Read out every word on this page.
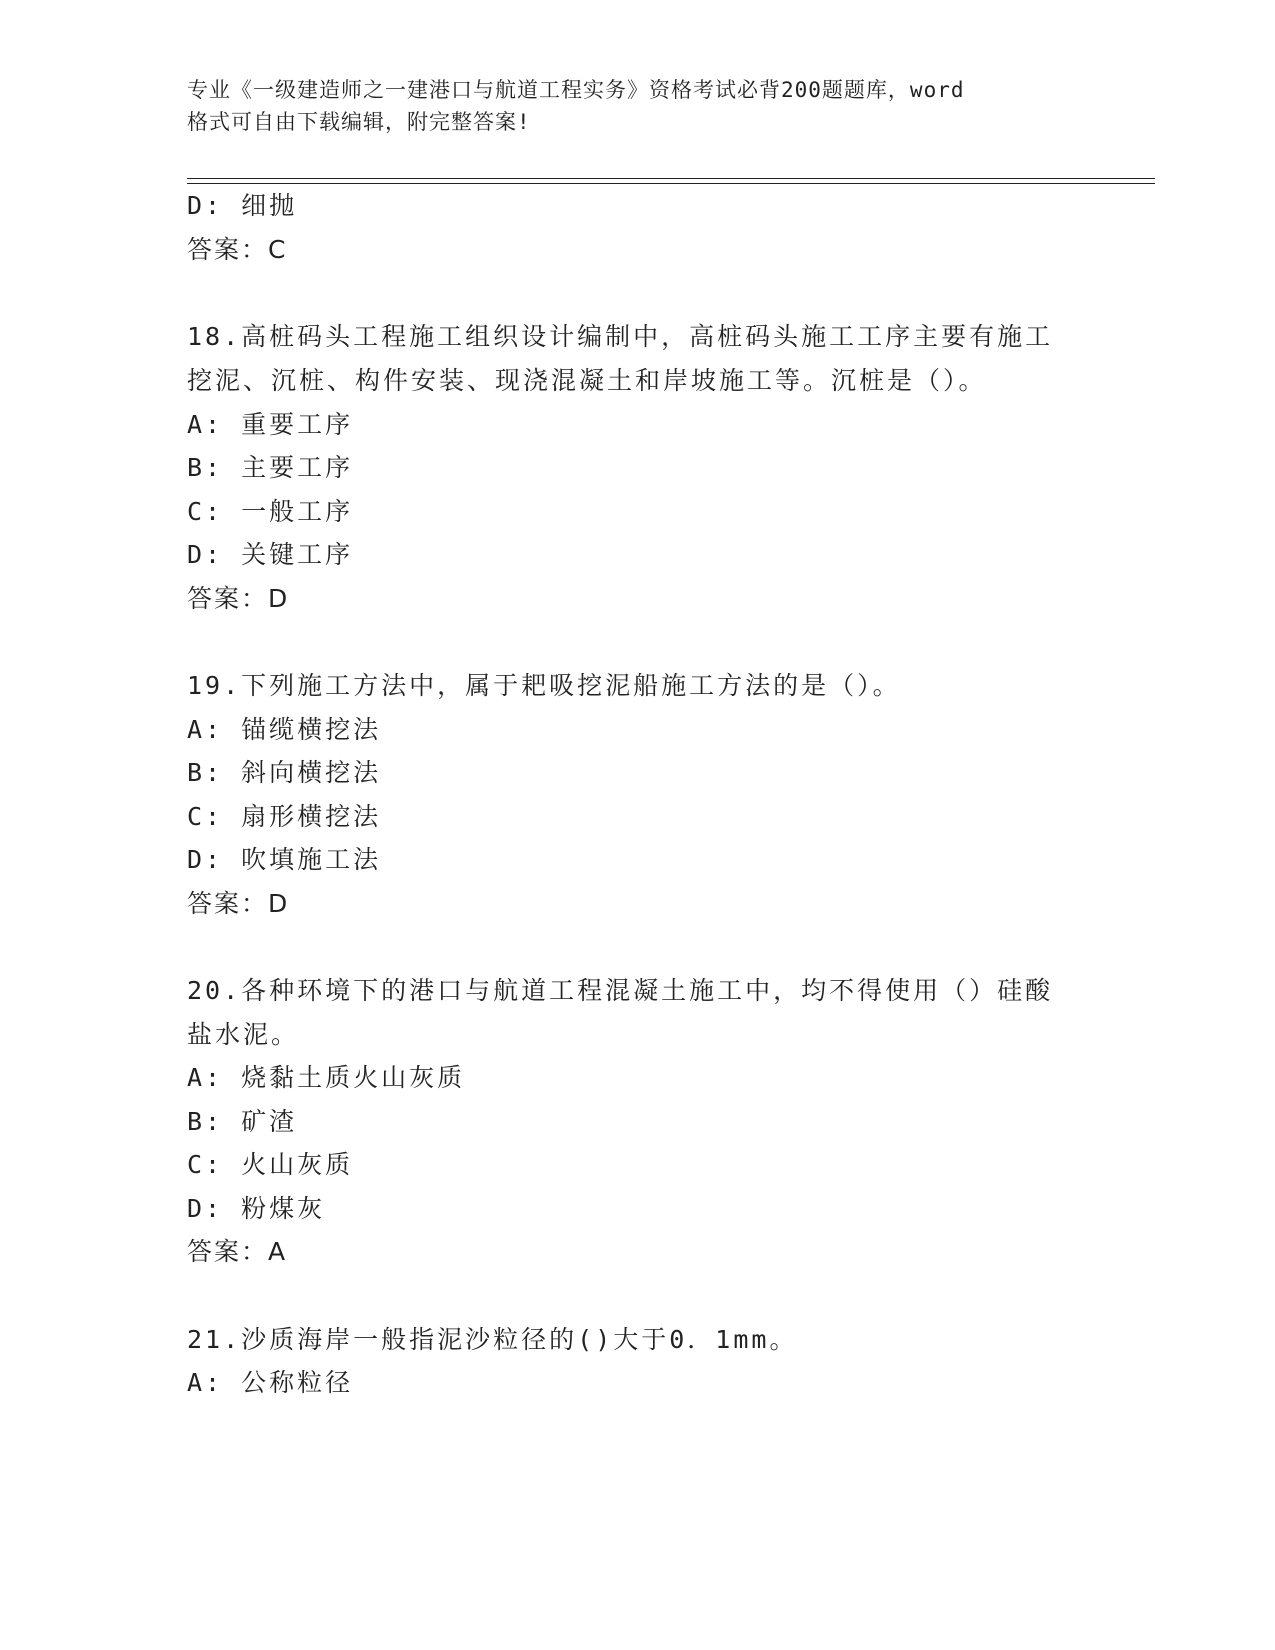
专业《一级建造师之一建港口与航道工程实务》资格考试必背200题题库，word
格式可自由下载编辑，附完整答案!
D: 细抛
答案：C
18.高桩码头工程施工组织设计编制中，高桩码头施工工序主要有施工
挖泥、沉桩、构件安装、现浇混凝土和岸坡施工等。沉桩是（）。
A: 重要工序
B: 主要工序
C: 一般工序
D: 关键工序
答案：D
19.下列施工方法中，属于耙吸挖泥船施工方法的是（）。
A: 锚缆横挖法
B: 斜向横挖法
C: 扇形横挖法
D: 吹填施工法
答案：D
20.各种环境下的港口与航道工程混凝土施工中，均不得使用（）硅酸
盐水泥。
A: 烧黏土质火山灰质
B: 矿渣
C: 火山灰质
D: 粉煤灰
答案：A
21.沙质海岸一般指泥沙粒径的()大于0．1mm。
A: 公称粒径
